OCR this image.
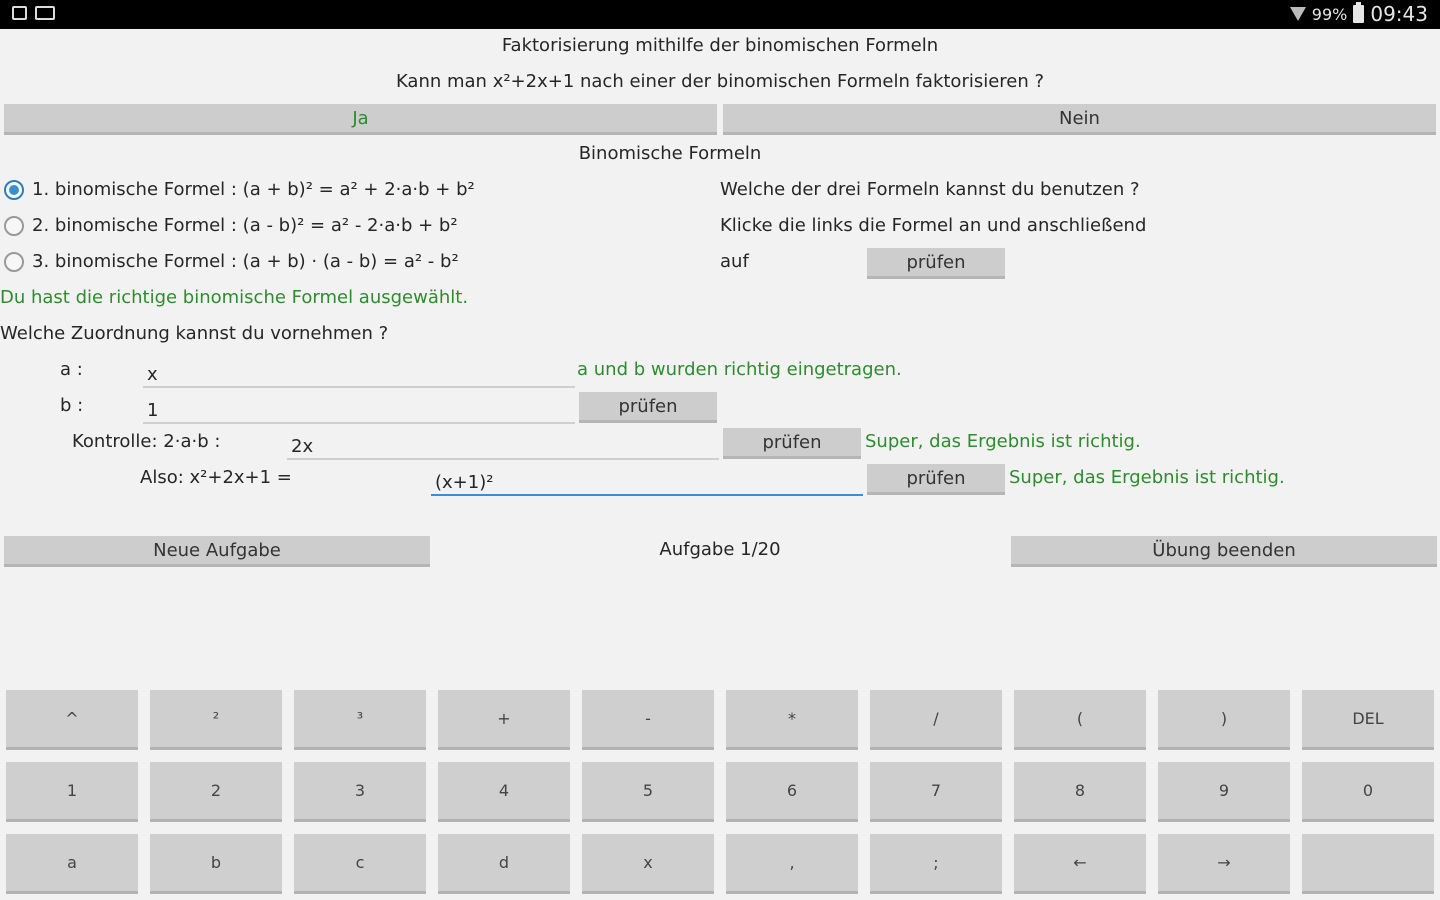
99% 09:43
Faktorisierung mithilfe der binomischen Formeln
Kann man x²+2x+1 nach einer der binomischen Formeln faktorisieren ?
Ja	Nein
Binomische Formeln
1. binomische Formel : (a + b)² = a² + 2·a·b + b²
2. binomische Formel : (a - b)² = a² - 2·a·b + b²
3. binomische Formel : (a + b) · (a - b) = a² - b²
Welche der drei Formeln kannst du benutzen ?
Klicke die links die Formel an und anschließend
auf	prüfen
Du hast die richtige binomische Formel ausgewählt.
Welche Zuordnung kannst du vornehmen ?
a :
x	a und b wurden richtig eingetragen.
b :
1	prüfen
Kontrolle: 2·a·b :
2x	prüfen	Super, das Ergebnis ist richtig.
Also: x²+2x+1 =
(x+1)²	prüfen	Super, das Ergebnis ist richtig.
Neue Aufgabe	Aufgabe 1/20	Übung beenden
^	²	³	+	-	*	/	(	)	DEL
1	2	3	4	5	6	7	8	9	0
a	b	c	d	x	,	;	←	→
